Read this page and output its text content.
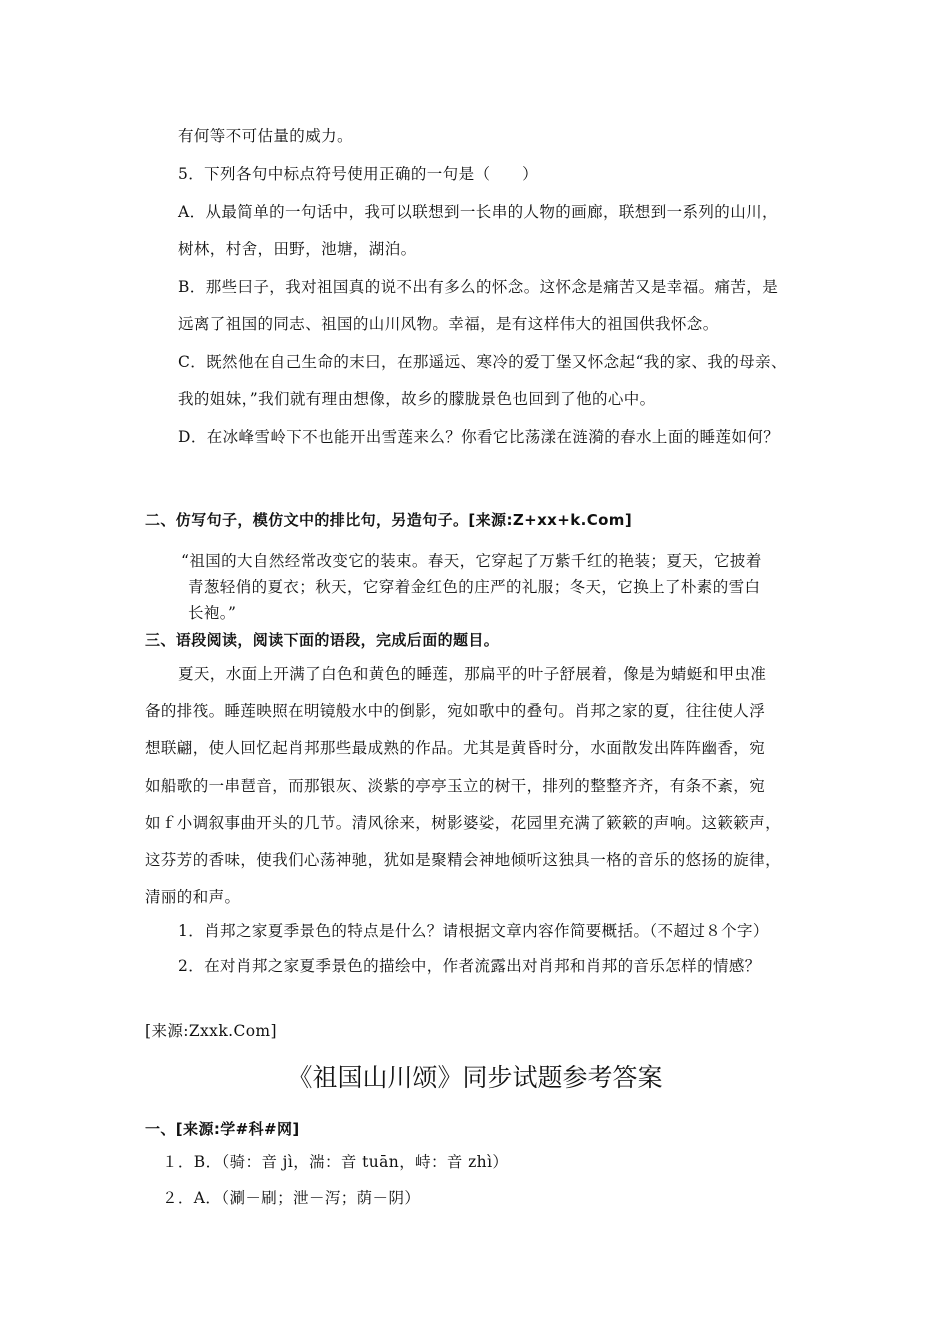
有何等不可估量的威力。
5．下列各句中标点符号使用正确的一句是（　　）
A．从最简单的一句话中，我可以联想到一长串的人物的画廊，联想到一系列的山川，
树林，村舍，田野，池塘，湖泊。
B．那些曰子，我对祖国真的说不出有多么的怀念。这怀念是痛苦又是幸福。痛苦，是
远离了祖国的同志、祖国的山川风物。幸福，是有这样伟大的祖国供我怀念。
C．既然他在自己生命的末曰，在那遥远、寒冷的爱丁堡又怀念起“我的家、我的母亲、
我的姐妹，”我们就有理由想像，故乡的朦胧景色也回到了他的心中。
D．在冰峰雪岭下不也能开出雪莲来么？你看它比荡漾在涟漪的春水上面的睡莲如何？
二、仿写句子，模仿文中的排比句，另造句子。[来源:Z+xx+k.Com]
“祖国的大自然经常改变它的装束。春天，它穿起了万紫千红的艳装；夏天，它披着
青葱轻俏的夏衣；秋天，它穿着金红色的庄严的礼服；冬天，它换上了朴素的雪白
长袍。”
三、语段阅读，阅读下面的语段，完成后面的题目。
夏天，水面上开满了白色和黄色的睡莲，那扁平的叶子舒展着，像是为蜻蜓和甲虫准
备的排筏。睡莲映照在明镜般水中的倒影，宛如歌中的叠句。肖邦之家的夏，往往使人浮
想联翩，使人回忆起肖邦那些最成熟的作品。尤其是黄昏时分，水面散发出阵阵幽香，宛
如船歌的一串琶音，而那银灰、淡紫的亭亭玉立的树干，排列的整整齐齐，有条不紊，宛
如ｆ小调叙事曲开头的几节。清风徐来，树影婆娑，花园里充满了簌簌的声响。这簌簌声，
这芬芳的香味，使我们心荡神驰，犹如是聚精会神地倾听这独具一格的音乐的悠扬的旋律，
清丽的和声。
1．肖邦之家夏季景色的特点是什么？请根据文章内容作简要概括。（不超过８个字）
2．在对肖邦之家夏季景色的描绘中，作者流露出对肖邦和肖邦的音乐怎样的情感？
[来源:Zxxk.Com]
《祖国山川颂》同步试题参考答案
一、[来源:学#科#网]
１．B．（骑：音 jì，湍：音 tuān，峙：音 zhì）
２．A．（涮－刷；泄－泻；荫－阴）
